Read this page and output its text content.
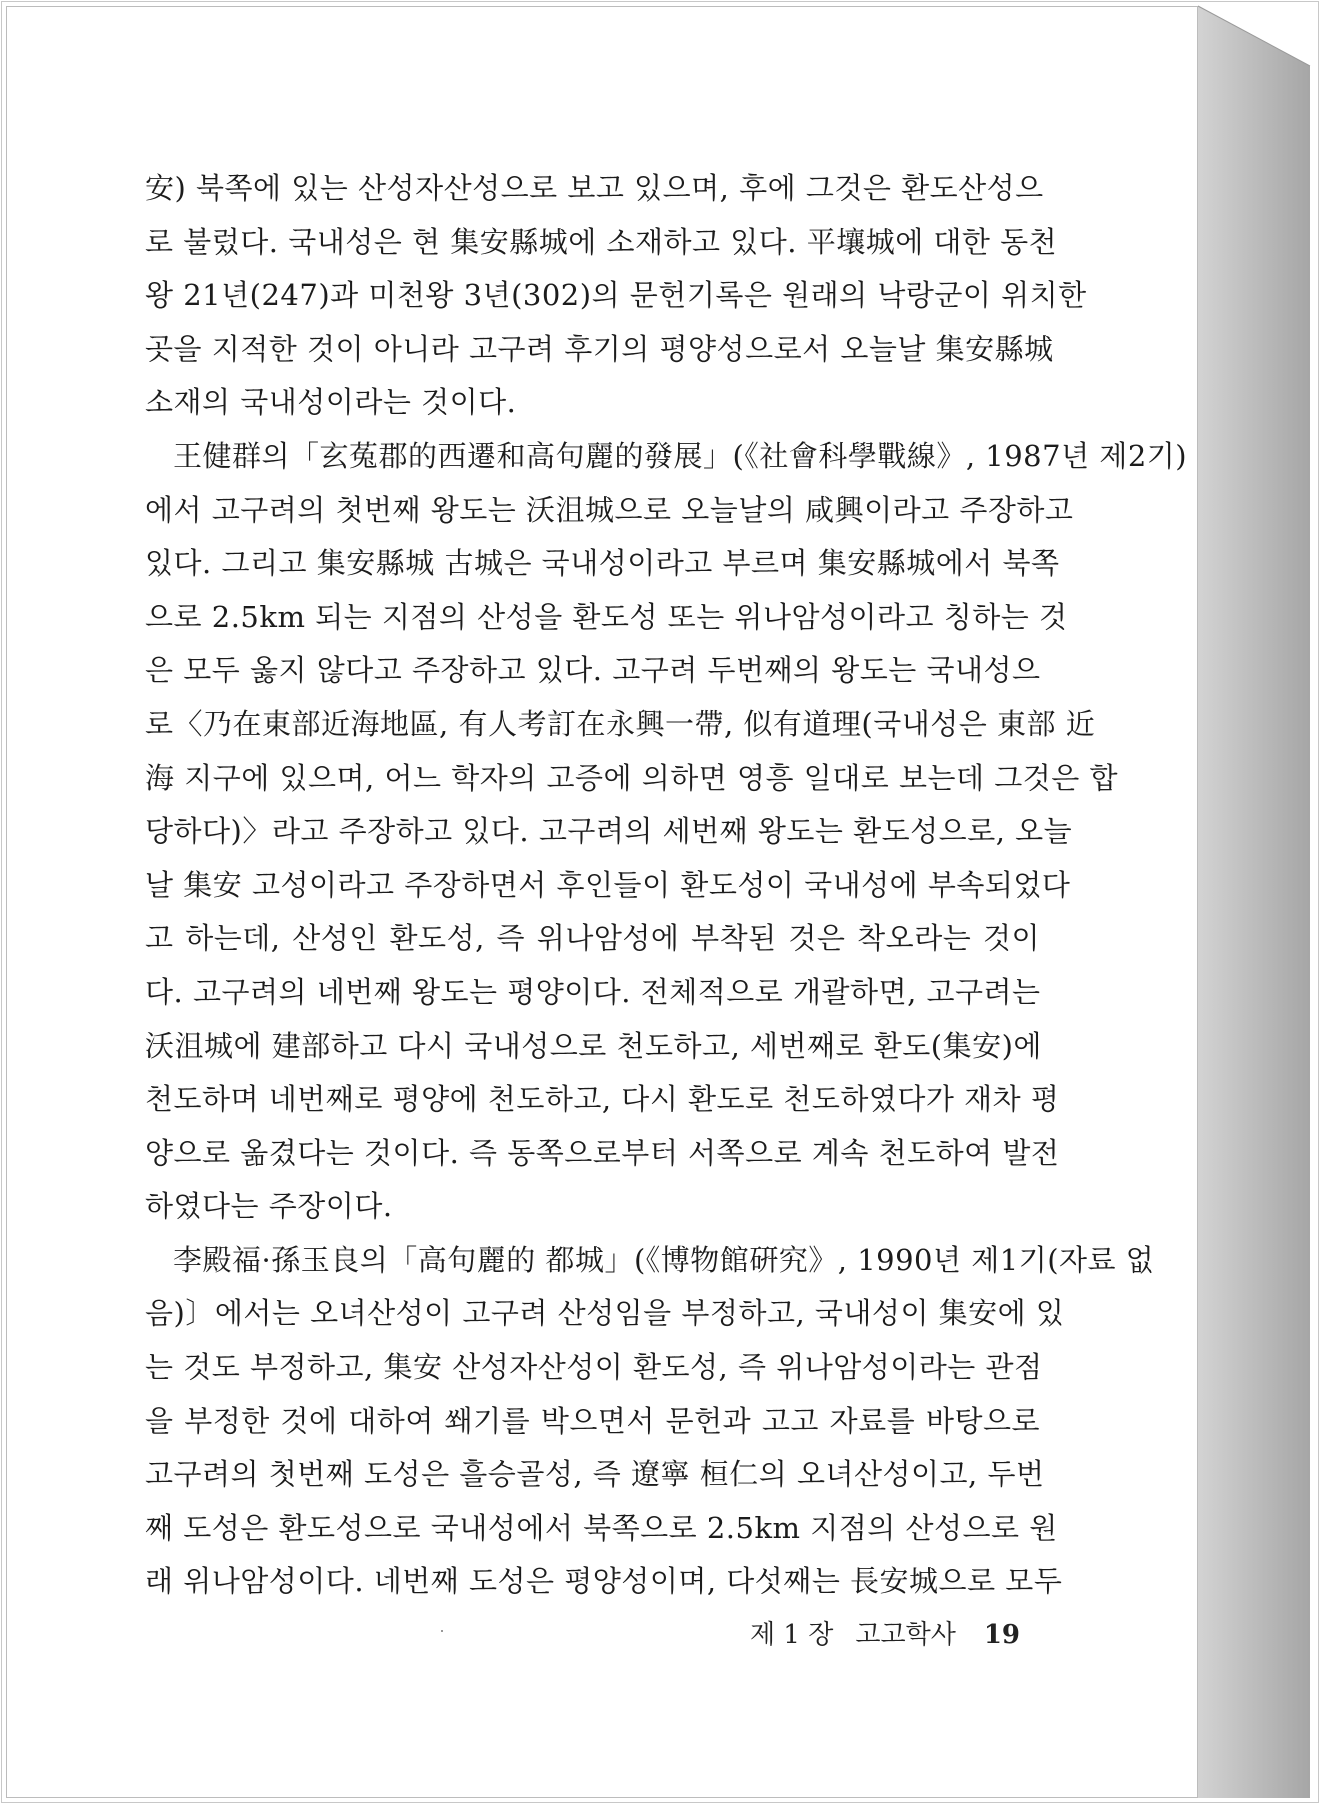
安) 북쪽에 있는 산성자산성으로 보고 있으며, 후에 그것은 환도산성으
로 불렀다. 국내성은 현 集安縣城에 소재하고 있다. 平壤城에 대한 동천
왕 21년(247)과 미천왕 3년(302)의 문헌기록은 원래의 낙랑군이 위치한
곳을 지적한 것이 아니라 고구려 후기의 평양성으로서 오늘날 集安縣城
소재의 국내성이라는 것이다.
王健群의「玄菟郡的西遷和高句麗的發展」(《社會科學戰線》, 1987년 제2기)
에서 고구려의 첫번째 왕도는 沃沮城으로 오늘날의 咸興이라고 주장하고
있다. 그리고 集安縣城 古城은 국내성이라고 부르며 集安縣城에서 북쪽
으로 2.5km 되는 지점의 산성을 환도성 또는 위나암성이라고 칭하는 것
은 모두 옳지 않다고 주장하고 있다. 고구려 두번째의 왕도는 국내성으
로〈乃在東部近海地區, 有人考訂在永興一帶, 似有道理(국내성은 東部 近
海 지구에 있으며, 어느 학자의 고증에 의하면 영흥 일대로 보는데 그것은 합
당하다)〉라고 주장하고 있다. 고구려의 세번째 왕도는 환도성으로, 오늘
날 集安 고성이라고 주장하면서 후인들이 환도성이 국내성에 부속되었다
고 하는데, 산성인 환도성, 즉 위나암성에 부착된 것은 착오라는 것이
다. 고구려의 네번째 왕도는 평양이다. 전체적으로 개괄하면, 고구려는
沃沮城에 建部하고 다시 국내성으로 천도하고, 세번째로 환도(集安)에
천도하며 네번째로 평양에 천도하고, 다시 환도로 천도하였다가 재차 평
양으로 옮겼다는 것이다. 즉 동쪽으로부터 서쪽으로 계속 천도하여 발전
하였다는 주장이다.
李殿福·孫玉良의「高句麗的 都城」(《博物館硏究》, 1990년 제1기(자료 없
음)〕에서는 오녀산성이 고구려 산성임을 부정하고, 국내성이 集安에 있
는 것도 부정하고, 集安 산성자산성이 환도성, 즉 위나암성이라는 관점
을 부정한 것에 대하여 쐐기를 박으면서 문헌과 고고 자료를 바탕으로
고구려의 첫번째 도성은 흘승골성, 즉 遼寧 桓仁의 오녀산성이고, 두번
째 도성은 환도성으로 국내성에서 북쪽으로 2.5km 지점의 산성으로 원
래 위나암성이다. 네번째 도성은 평양성이며, 다섯째는 長安城으로 모두
제 1 장 고고학사 19
